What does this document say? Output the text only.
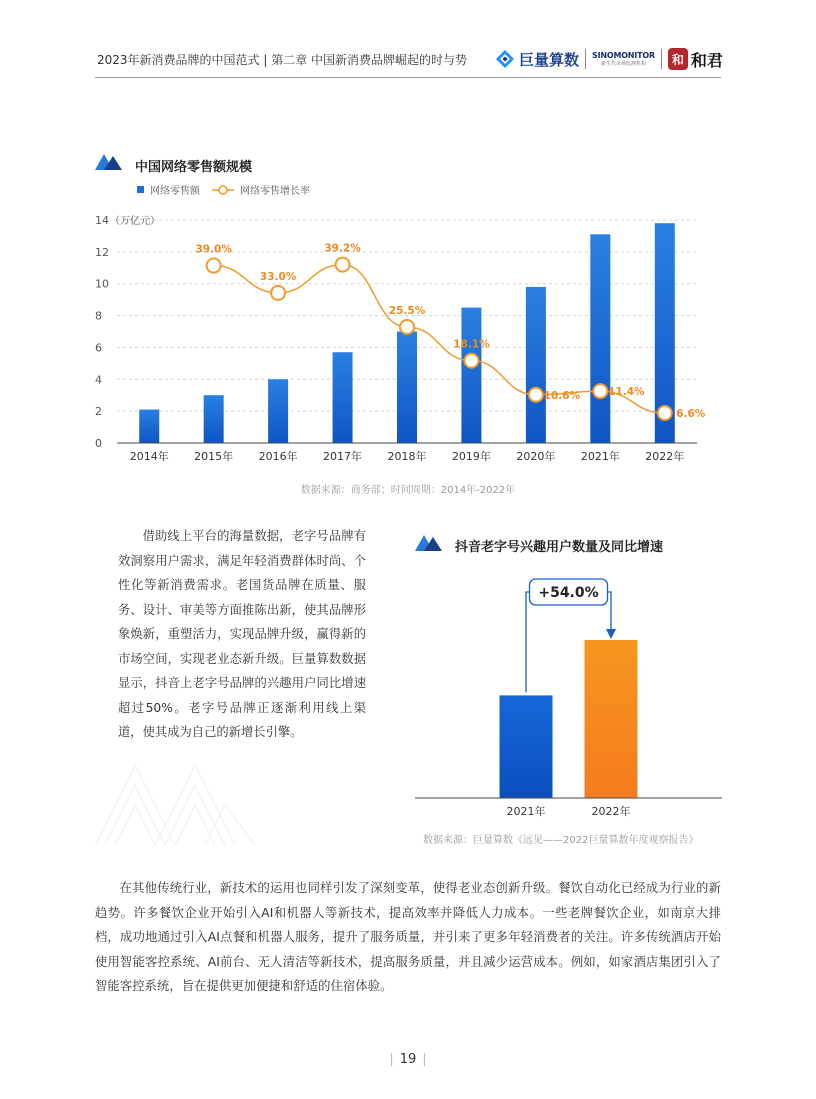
2023年新消费品牌的中国范式 | 第二章 中国新消费品牌崛起的时与势	巨量算数 SINOMONITOR
新生代市场监测机构	和 和君
中国网络零售额规模
网络零售额	网络零售增长率
39.0%
33.0%
39.2%
25.5%
18.1%
10.6%	11.4%
6.6%
0
2
4
6
8
10
12
14 （万亿元）
2014年 2015年 2016年 2017年 2018年 2019年 2020年 2021年 2022年
数据来源：商务部；时间周期：2014年-2022年
借助线上平台的海量数据，老字号品牌有效洞察用户需求，满足年轻消费群体时尚、个性化等新消费需求。老国货品牌在质量、服务、设计、审美等方面推陈出新，使其品牌形象焕新，重塑活力，实现品牌升级，赢得新的市场空间，实现老业态新升级。巨量算数数据显示，抖音上老字号品牌的兴趣用户同比增速超过50%。老字号品牌正逐渐利用线上渠道，使其成为自己的新增长引擎。
抖音老字号兴趣用户数量及同比增速
2021年	2022年
+54.0%
数据来源：巨量算数《远见——2022巨量算数年度观察报告》
在其他传统行业，新技术的运用也同样引发了深刻变革，使得老业态创新升级。餐饮自动化已经成为行业的新趋势。许多餐饮企业开始引入AI和机器人等新技术，提高效率并降低人力成本。一些老牌餐饮企业，如南京大排档，成功地通过引入AI点餐和机器人服务，提升了服务质量，并引来了更多年轻消费者的关注。许多传统酒店开始使用智能客控系统、AI前台、无人清洁等新技术，提高服务质量，并且减少运营成本。例如，如家酒店集团引入了智能客控系统，旨在提供更加便捷和舒适的住宿体验。
| 19 |
